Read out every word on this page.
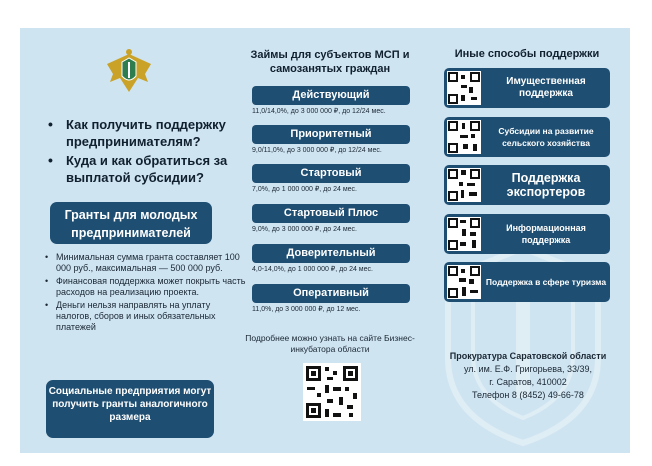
• Как получить поддержку предпринимателям?
• Куда и как обратиться за выплатой субсидии?
Гранты для молодых предпринимателей
• Минимальная сумма гранта составляет 100 000 руб., максимальная — 500 000 руб.
• Финансовая поддержка может покрыть часть расходов на реализацию проекта.
• Деньги нельзя направлять на уплату налогов, сборов и иных обязательных платежей
Социальные предприятия могут получить гранты аналогичного размера
Займы для субъектов МСП и самозанятых граждан
Действующий
11,0/14,0%, до 3 000 000 ₽, до 12/24 мес.
Приоритетный
9,0/11,0%, до 3 000 000 ₽, до 12/24 мес.
Стартовый
7,0%, до 1 000 000 ₽, до 24 мес.
Стартовый Плюс
9,0%, до 3 000 000 ₽, до 24 мес.
Доверительный
4,0-14,0%, до 1 000 000 ₽, до 24 мес.
Оперативный
11,0%, до 3 000 000 ₽, до 12 мес.
Подробнее можно узнать на сайте Бизнес-инкубатора области
Иные способы поддержки
Имущественная поддержка
Субсидии на развитие сельского хозяйства
Поддержка экспортеров
Информационная поддержка
Поддержка в сфере туризма
Прокуратура Саратовской области
ул. им. Е.Ф. Григорьева, 33/39,
г. Саратов, 410002
Телефон 8 (8452) 49-66-78
